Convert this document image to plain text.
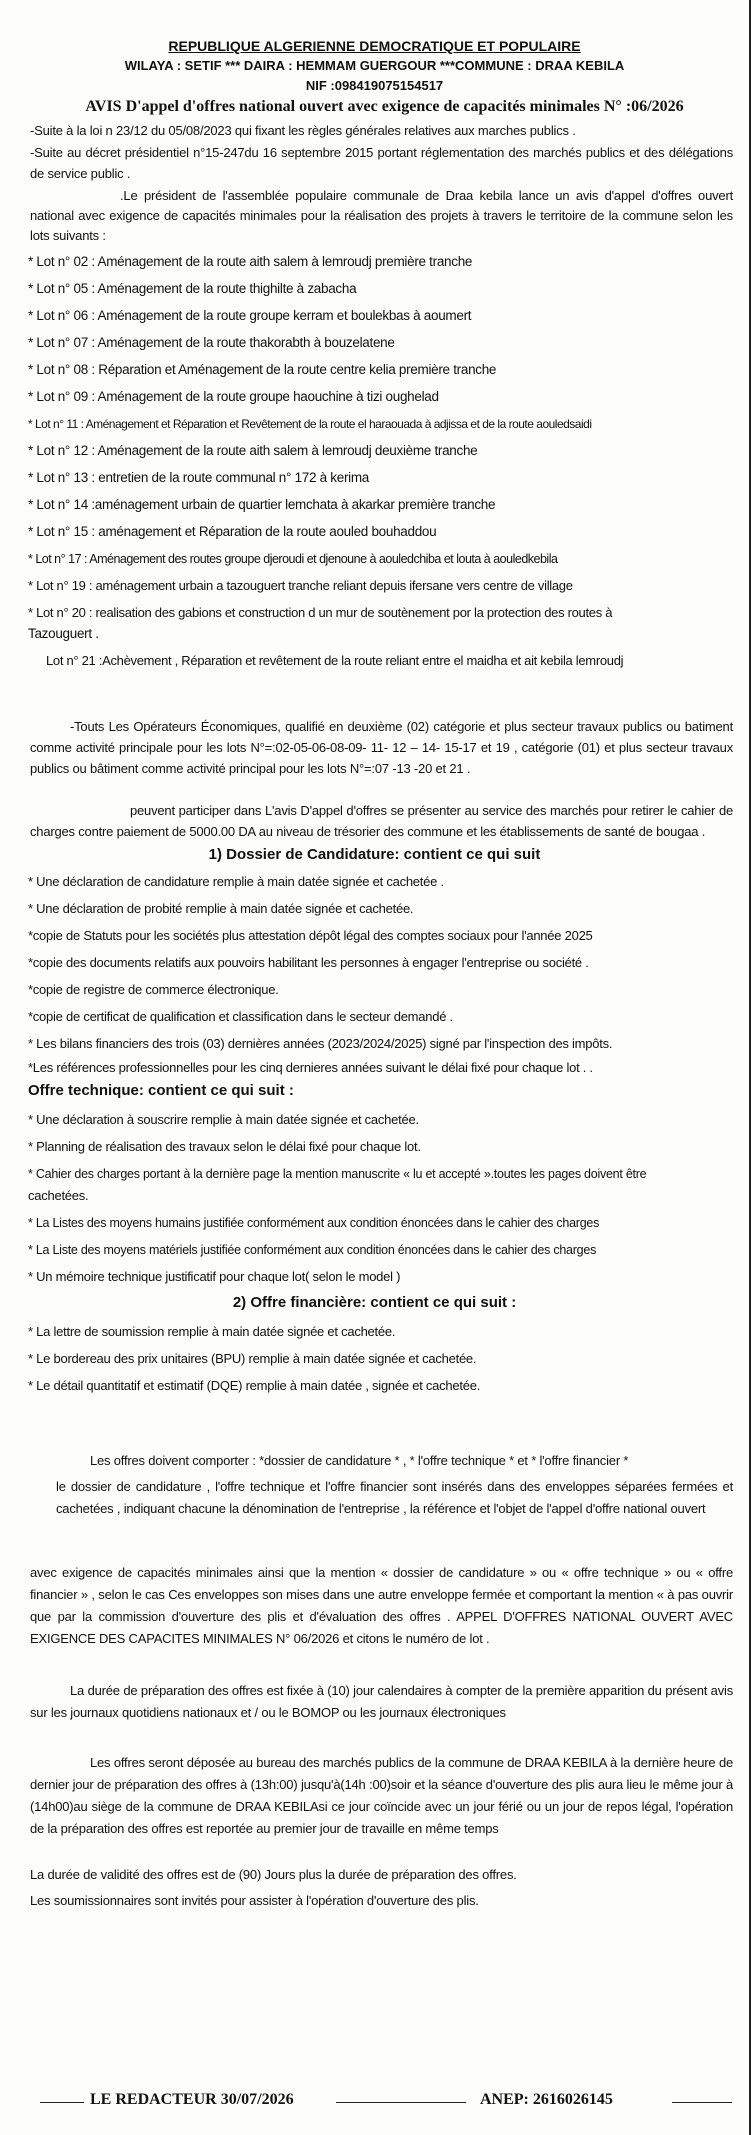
REPUBLIQUE ALGERIENNE DEMOCRATIQUE ET POPULAIRE
WILAYA : SETIF *** DAIRA : HEMMAM GUERGOUR ***COMMUNE : DRAA KEBILA
NIF :098419075154517
AVIS D'appel d'offres national ouvert avec exigence de capacités minimales N° :06/2026
-Suite à la loi n 23/12 du 05/08/2023 qui fixant les règles générales relatives aux marches publics .
-Suite au décret présidentiel n°15-247du 16 septembre 2015 portant réglementation des marchés publics et des délégations de service public .
.Le président de l'assemblée populaire communale de Draa kebila lance un avis d'appel d'offres ouvert national avec exigence de capacités minimales pour la réalisation des projets à travers le territoire de la commune selon les lots suivants :
* Lot n° 02 : Aménagement de la route aith salem à lemroudj première tranche
* Lot n° 05 : Aménagement de la route thighilte à zabacha
* Lot n° 06 : Aménagement de la route groupe kerram et boulekbas à aoumert
* Lot n° 07 : Aménagement de la route thakorabth à bouzelatene
* Lot n° 08 : Réparation et Aménagement de la route centre kelia première tranche
* Lot n° 09 : Aménagement de la route groupe haouchine à tizi oughelad
* Lot n° 11 : Aménagement et Réparation et Revêtement de la route el haraouada à adjissa et de la route aouledsaidi
* Lot n° 12 : Aménagement de la route aith salem à lemroudj deuxième tranche
* Lot n° 13 : entretien de la route communal n° 172 à kerima
* Lot n° 14 :aménagement urbain de quartier lemchata à akarkar première tranche
* Lot n° 15 : aménagement et Réparation de la route aouled bouhaddou
* Lot n° 17 : Aménagement des routes groupe djeroudi et djenoune à aouledchiba et louta à aouledkebila
* Lot n° 19 : aménagement urbain a tazouguert tranche reliant depuis ifersane vers centre de village
* Lot n° 20 : realisation des gabions et construction d un mur de soutènement por la protection des routes à
Tazouguert .
Lot n° 21 :Achèvement , Réparation et revêtement de la route reliant entre el maidha et ait kebila lemroudj
-Touts Les Opérateurs Économiques, qualifié en deuxième (02) catégorie et plus secteur travaux publics ou batiment comme activité principale pour les lots N°=:02-05-06-08-09- 11- 12 – 14- 15-17 et 19 , catégorie (01) et plus secteur travaux publics ou bâtiment comme activité principal pour les lots N°=:07 -13 -20 et 21 .
peuvent participer dans L'avis D'appel d'offres se présenter au service des marchés pour retirer le cahier de charges contre paiement de 5000.00 DA au niveau de trésorier des commune et les établissements de santé de bougaa .
1) Dossier de Candidature: contient ce qui suit
* Une déclaration de candidature remplie à main datée signée et cachetée .
* Une déclaration de probité remplie à main datée signée et cachetée.
*copie de Statuts pour les sociétés plus attestation dépôt légal des comptes sociaux pour l'année 2025
*copie des documents relatifs aux pouvoirs habilitant les personnes à engager l'entreprise ou société .
*copie de registre de commerce électronique.
*copie de certificat de qualification et classification dans le secteur demandé .
* Les bilans financiers des trois (03) dernières années (2023/2024/2025) signé par l'inspection des impôts.
*Les références professionnelles pour les cinq dernieres années suivant le délai fixé pour chaque lot . .
Offre technique: contient ce qui suit :
* Une déclaration à souscrire remplie à main datée signée et cachetée.
* Planning de réalisation des travaux selon le délai fixé pour chaque lot.
* Cahier des charges portant à la dernière page la mention manuscrite « lu et accepté ».toutes les pages doivent être
cachetées.
* La Listes des moyens humains justifiée conformément aux condition énoncées dans le cahier des charges
* La Liste des moyens matériels justifiée conformément aux condition énoncées dans le cahier des charges
* Un mémoire technique justificatif pour chaque lot( selon le model )
2) Offre financière: contient ce qui suit :
* La lettre de soumission remplie à main datée signée et cachetée.
* Le bordereau des prix unitaires (BPU) remplie à main datée signée et cachetée.
* Le détail quantitatif et estimatif (DQE) remplie à main datée , signée et cachetée.
Les offres doivent comporter : *dossier de candidature * , * l'offre technique * et * l'offre financier *
le dossier de candidature , l'offre technique et l'offre financier sont insérés dans des enveloppes séparées fermées et cachetées , indiquant chacune la dénomination de l'entreprise , la référence et l'objet de l'appel d'offre national ouvert
avec exigence de capacités minimales ainsi que la mention « dossier de candidature » ou « offre technique » ou « offre financier » , selon le cas Ces enveloppes son mises dans une autre enveloppe fermée et comportant la mention « à pas ouvrir que par la commission d'ouverture des plis et d'évaluation des offres . APPEL D'OFFRES NATIONAL OUVERT AVEC EXIGENCE DES CAPACITES MINIMALES N° 06/2026 et citons le numéro de lot .
La durée de préparation des offres est fixée à (10) jour calendaires à compter de la première apparition du présent avis sur les journaux quotidiens nationaux et / ou le BOMOP ou les journaux électroniques
Les offres seront déposée au bureau des marchés publics de la commune de DRAA KEBILA à la dernière heure de dernier jour de préparation des offres à (13h:00) jusqu'à(14h :00)soir et la séance d'ouverture des plis aura lieu le même jour à (14h00)au siège de la commune de DRAA KEBILAsi ce jour coïncide avec un jour férié ou un jour de repos légal, l'opération de la préparation des offres est reportée au premier jour de travaille en même temps
La durée de validité des offres est de (90) Jours plus la durée de préparation des offres.
Les soumissionnaires sont invités pour assister à l'opération d'ouverture des plis.
LE REDACTEUR 30/07/2026	ANEP: 2616026145
